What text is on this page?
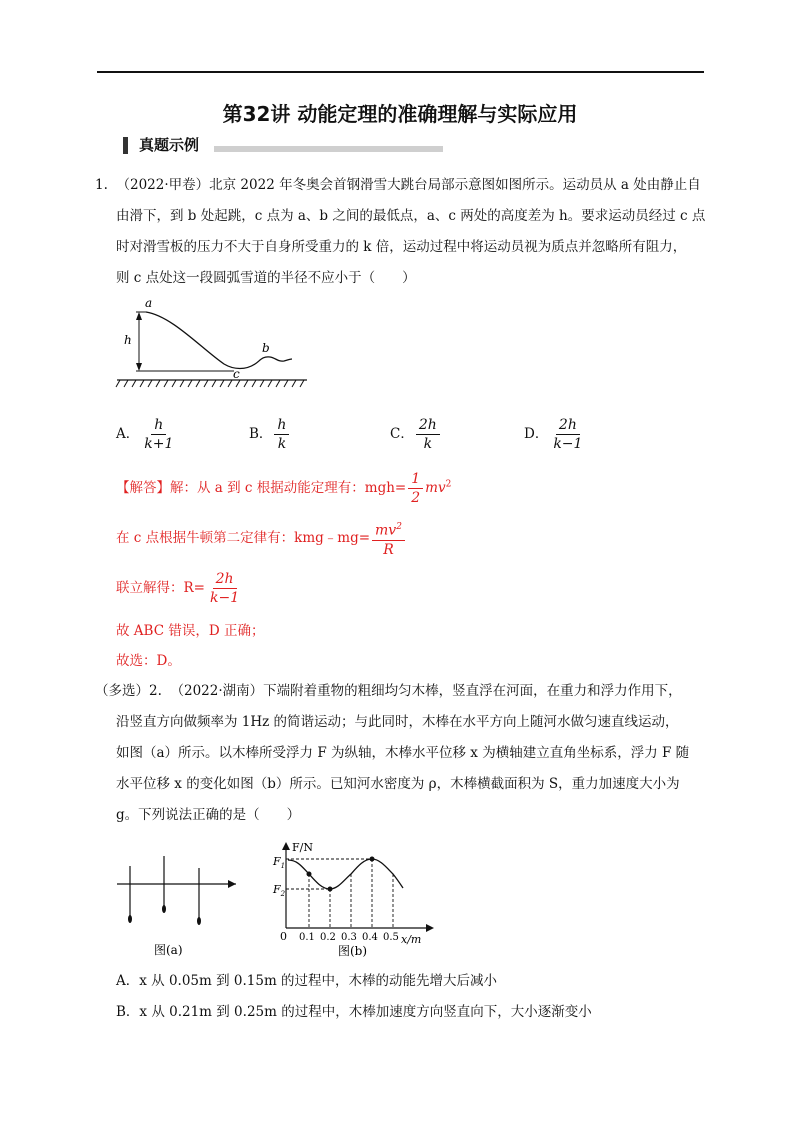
第32讲 动能定理的准确理解与实际应用
真题示例
1. （2022·甲卷）北京 2022 年冬奥会首钢滑雪大跳台局部示意图如图所示。运动员从 a 处由静止自
由滑下，到 b 处起跳，c 点为 a、b 之间的最低点，a、c 两处的高度差为 h。要求运动员经过 c 点
时对滑雪板的压力不大于自身所受重力的 k 倍，运动过程中将运动员视为质点并忽略所有阻力，
则 c 点处这一段圆弧雪道的半径不应小于（　　）
a
h
b
c
A． $\frac{h}{k+1}$	B． $\frac{h}{k}$	C． $\frac{2h}{k}$	D． $\frac{2h}{k-1}$
【解答】解：从 a 到 c 根据动能定理有：$mgh= \frac{1}{2} mv^2$
在 c 点根据牛顿第二定律有：kmg﹣mg= $\frac{mv^2}{R}$
联立解得：$R= \frac{2h}{k-1}$
故 ABC 错误，D 正确；
故选：D。
（多选）2. （2022·湖南）下端附着重物的粗细均匀木棒，竖直浮在河面，在重力和浮力作用下，
沿竖直方向做频率为 1Hz 的简谐运动；与此同时，木棒在水平方向上随河水做匀速直线运动，
如图（a）所示。以木棒所受浮力 F 为纵轴，木棒水平位移 x 为横轴建立直角坐标系，浮力 F 随
水平位移 x 的变化如图（b）所示。已知河水密度为 ρ，木棒横截面积为 S，重力加速度大小为
g。下列说法正确的是（　　）
图(a)
F/N
x/m
0
$F_1$
$F_2$
0.1 0.2 0.3 0.4 0.5
图(b)
A．x 从 0.05m 到 0.15m 的过程中，木棒的动能先增大后减小
B．x 从 0.21m 到 0.25m 的过程中，木棒加速度方向竖直向下，大小逐渐变小
